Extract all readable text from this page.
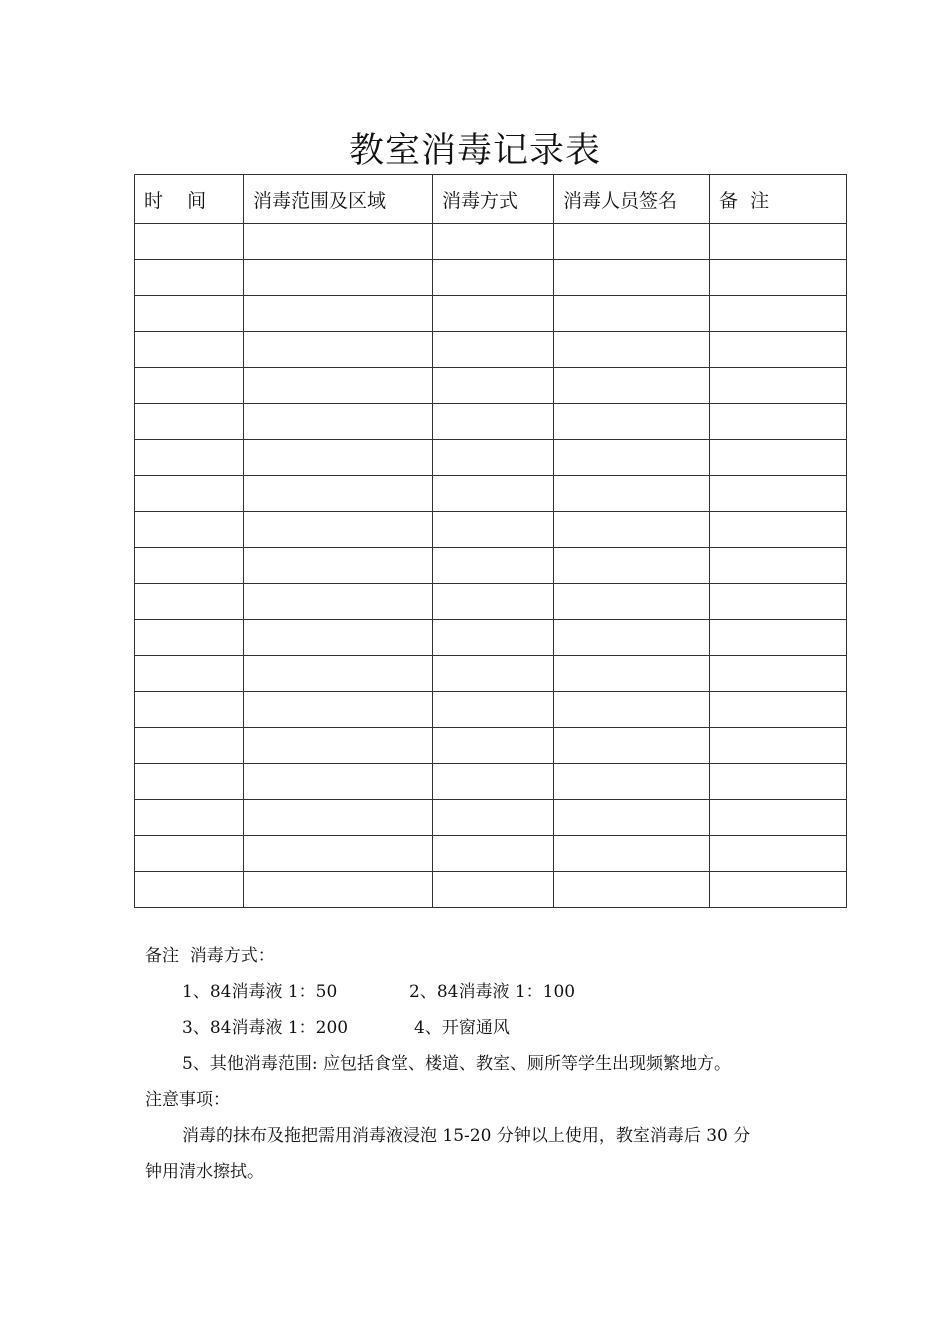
教室消毒记录表
时    间	消毒范围及区域	消毒方式	消毒人员签名	备  注

备注  消毒方式：
1、84消毒液 1：50	2、84消毒液 1：100
3、84消毒液 1：200	4、开窗通风
5、其他消毒范围: 应包括食堂、楼道、教室、厕所等学生出现频繁地方。
注意事项：
消毒的抹布及拖把需用消毒液浸泡 15-20 分钟以上使用，教室消毒后 30 分
钟用清水擦拭。
